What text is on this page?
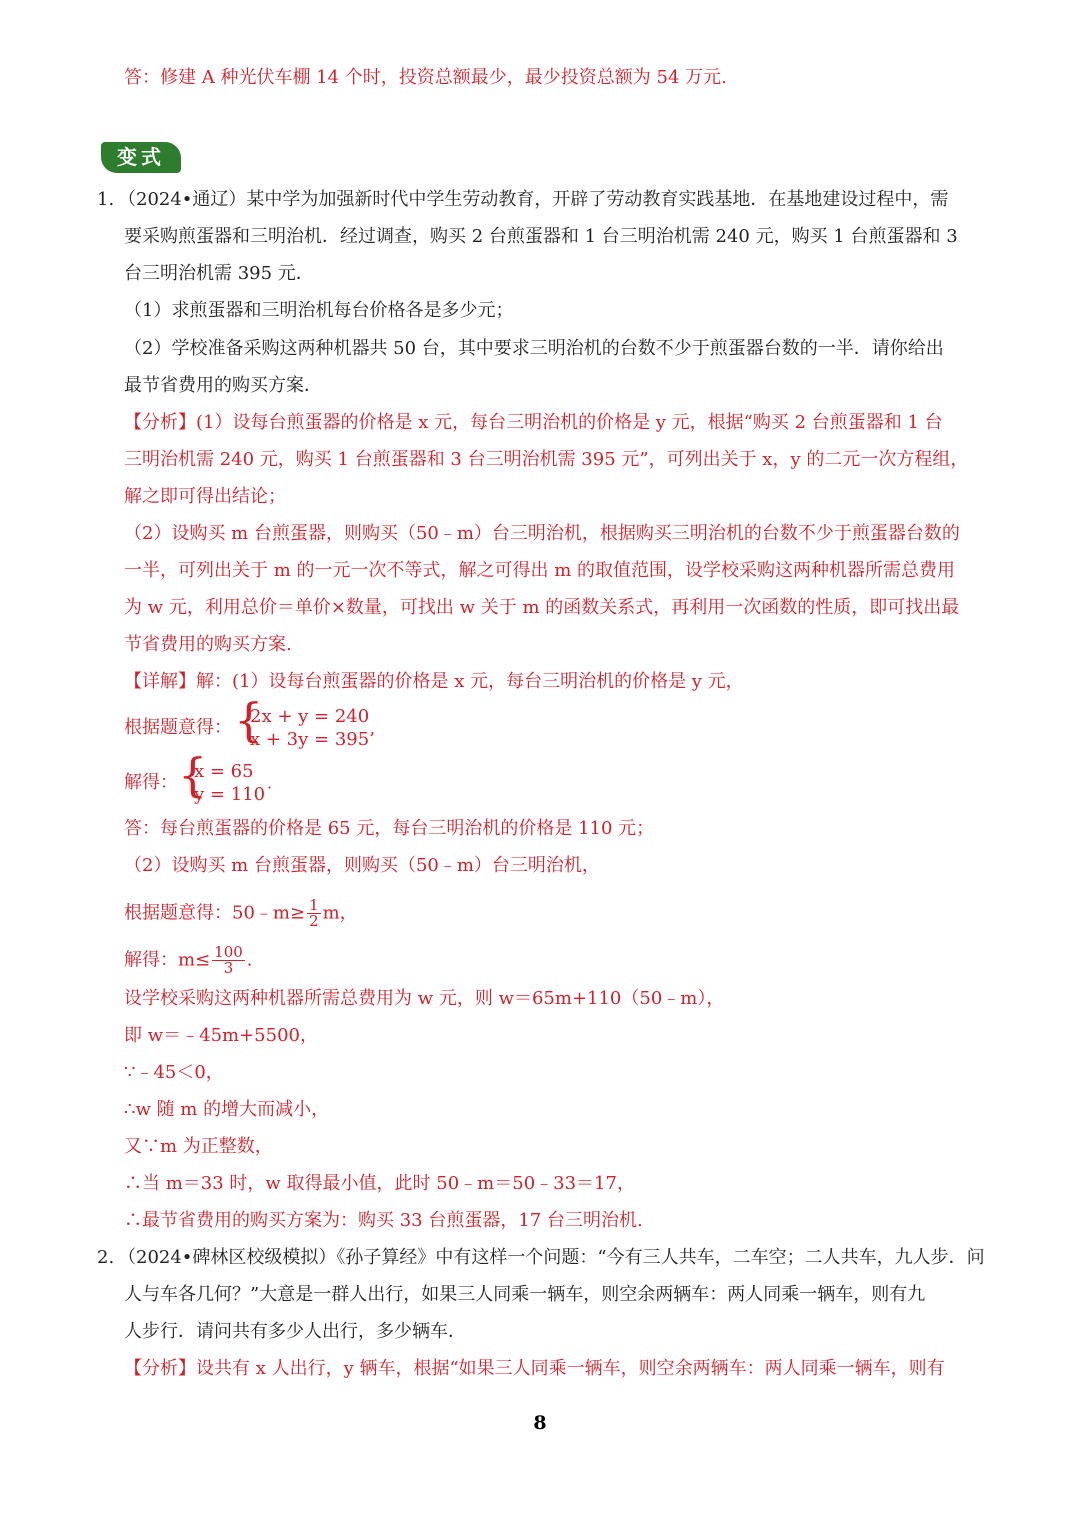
答：修建 A 种光伏车棚 14 个时，投资总额最少，最少投资总额为 54 万元.
变式
1. （2024•通辽）某中学为加强新时代中学生劳动教育，开辟了劳动教育实践基地．在基地建设过程中，需
要采购煎蛋器和三明治机．经过调查，购买 2 台煎蛋器和 1 台三明治机需 240 元，购买 1 台煎蛋器和 3
台三明治机需 395 元．
（1）求煎蛋器和三明治机每台价格各是多少元；
（2）学校准备采购这两种机器共 50 台，其中要求三明治机的台数不少于煎蛋器台数的一半．请你给出
最节省费用的购买方案．
【分析】(1）设每台煎蛋器的价格是 x 元，每台三明治机的价格是 y 元，根据“购买 2 台煎蛋器和 1 台
三明治机需 240 元，购买 1 台煎蛋器和 3 台三明治机需 395 元”，可列出关于 x，y 的二元一次方程组，
解之即可得出结论；
（2）设购买 m 台煎蛋器，则购买（50﹣m）台三明治机，根据购买三明治机的台数不少于煎蛋器台数的
一半，可列出关于 m 的一元一次不等式，解之可得出 m 的取值范围，设学校采购这两种机器所需总费用
为 w 元，利用总价＝单价×数量，可找出 w 关于 m 的函数关系式，再利用一次函数的性质，即可找出最
节省费用的购买方案.
【详解】解：(1）设每台煎蛋器的价格是 x 元，每台三明治机的价格是 y 元，
根据题意得： {
2x + y = 240
x + 3y = 395’
解得： {
x = 65
y = 110˙
答：每台煎蛋器的价格是 65 元，每台三明治机的价格是 110 元；
（2）设购买 m 台煎蛋器，则购买（50﹣m）台三明治机，
根据题意得：50﹣m≥ $\frac{1}{2}$ m，
解得：$m\le \frac{100}{3}$ .
设学校采购这两种机器所需总费用为 w 元，则 w＝65m+110（50﹣m），
即 w＝﹣45m+5500，
∵﹣45＜0，
∴w 随 m 的增大而减小，
又∵m 为正整数，
∴当 m＝33 时，w 取得最小值，此时 50﹣m＝50﹣33＝17，
∴最节省费用的购买方案为：购买 33 台煎蛋器，17 台三明治机.
2. （2024•碑林区校级模拟）《孙子算经》中有这样一个问题：“今有三人共车，二车空；二人共车，九人步．问
人与车各几何？”大意是一群人出行，如果三人同乘一辆车，则空余两辆车：两人同乘一辆车，则有九
人步行．请问共有多少人出行，多少辆车．
【分析】设共有 x 人出行，y 辆车，根据“如果三人同乘一辆车，则空余两辆车：两人同乘一辆车，则有
8
